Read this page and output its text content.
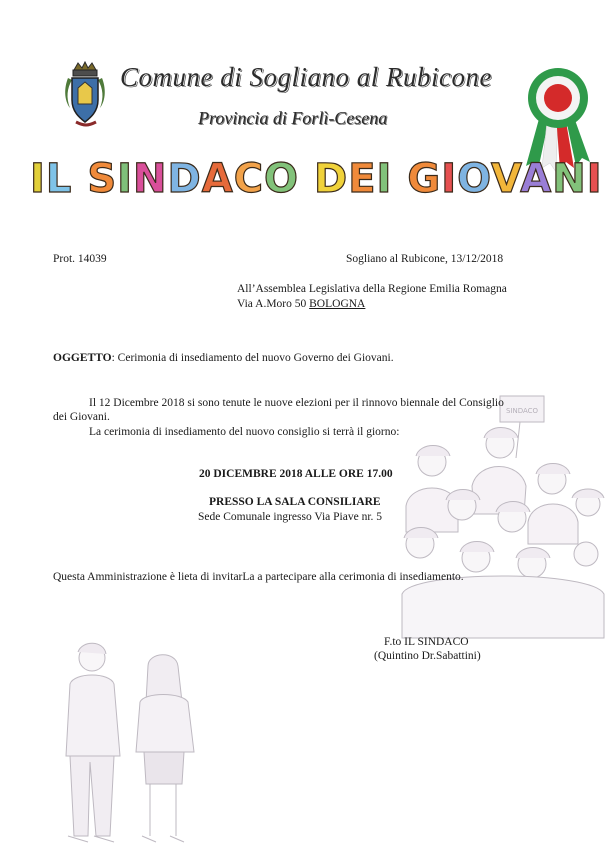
Comune di Sogliano al Rubicone
Provincia di Forlì-Cesena
IL SINDACO DEI GIOVANI
SINDACO
Prot. 14039	Sogliano al Rubicone, 13/12/2018
All’Assemblea Legislativa della Regione Emilia Romagna
Via A.Moro 50 BOLOGNA
OGGETTO: Cerimonia di insediamento del nuovo Governo dei Giovani.
Il 12 Dicembre 2018 si sono tenute le nuove elezioni per il rinnovo biennale del Consiglio
dei Giovani.
La cerimonia di insediamento del nuovo consiglio si terrà il giorno:
20 DICEMBRE 2018 ALLE ORE 17.00
PRESSO LA SALA CONSILIARE
Sede Comunale ingresso Via Piave nr. 5
Questa Amministrazione è lieta di invitarLa a partecipare alla cerimonia di insediamento.
F.to IL SINDACO
(Quintino Dr.Sabattini)
